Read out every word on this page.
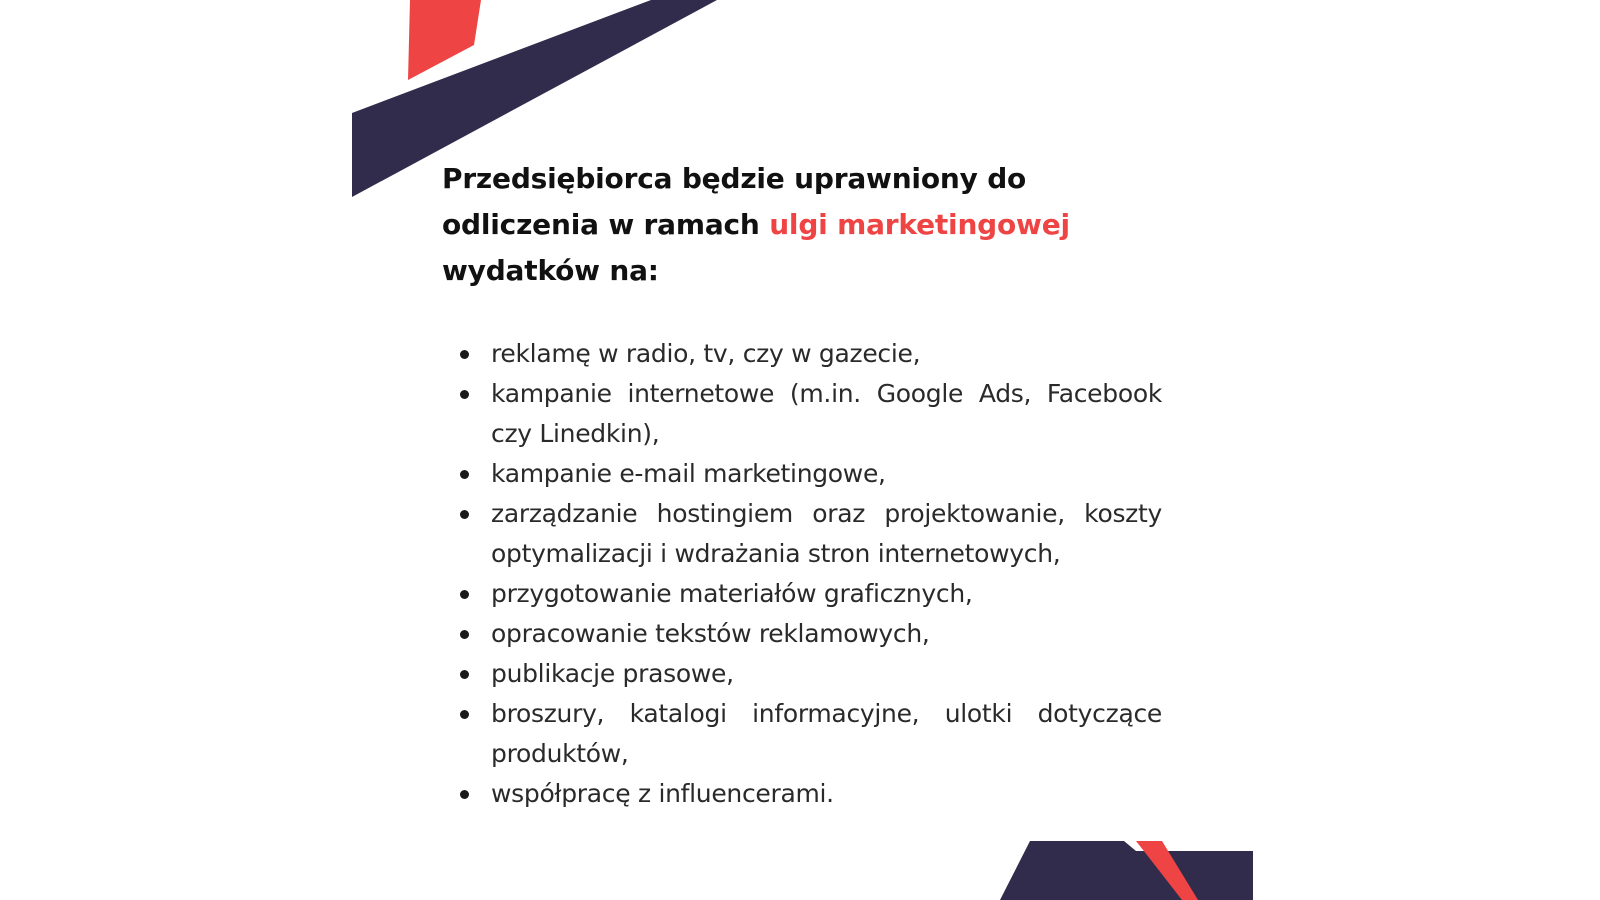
Przedsiębiorca będzie uprawniony do odliczenia w ramach ulgi marketingowej wydatków na:
reklamę w radio, tv, czy w gazecie,
kampanie internetowe (m.in. Google Ads, Facebook czy Linedkin),
kampanie e-mail marketingowe,
zarządzanie hostingiem oraz projektowanie, koszty optymalizacji i wdrażania stron internetowych,
przygotowanie materiałów graficznych,
opracowanie tekstów reklamowych,
publikacje prasowe,
broszury, katalogi informacyjne, ulotki dotyczące produktów,
współpracę z influencerami.
